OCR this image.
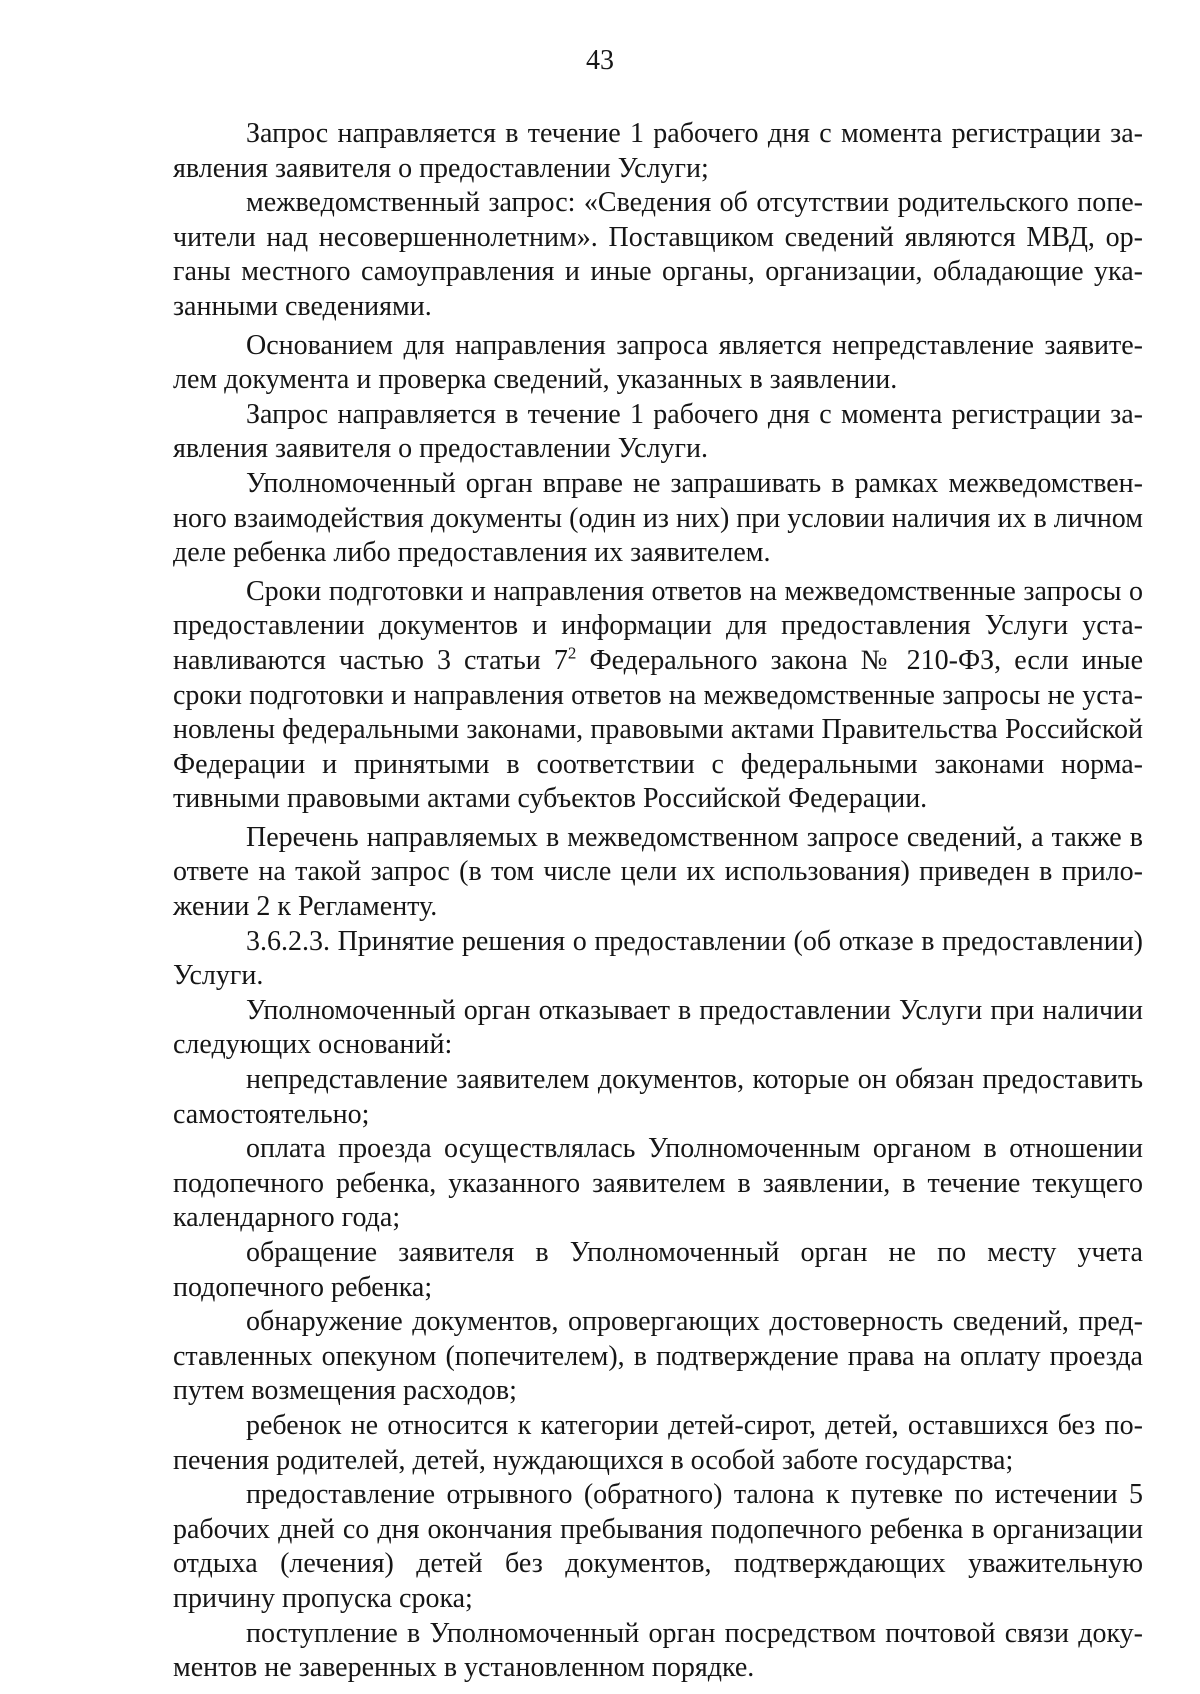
43

Запрос направляется в течение 1 рабочего дня с момента регистрации заявления заявителя о предоставлении Услуги;

межведомственный запрос: «Сведения об отсутствии родительского попечители над несовершеннолетним». Поставщиком сведений являются МВД, органы местного самоуправления и иные органы, организации, обладающие указанными сведениями.

Основанием для направления запроса является непредставление заявителем документа и проверка сведений, указанных в заявлении.

Запрос направляется в течение 1 рабочего дня с момента регистрации заявления заявителя о предоставлении Услуги.

Уполномоченный орган вправе не запрашивать в рамках межведомственного взаимодействия документы (один из них) при условии наличия их в личном деле ребенка либо предоставления их заявителем.

Сроки подготовки и направления ответов на межведомственные запросы о предоставлении документов и информации для предоставления Услуги устанавливаются частью 3 статьи $7^2$ Федерального закона № 210-ФЗ, если иные сроки подготовки и направления ответов на межведомственные запросы не установлены федеральными законами, правовыми актами Правительства Российской Федерации и принятыми в соответствии с федеральными законами нормативными правовыми актами субъектов Российской Федерации.

Перечень направляемых в межведомственном запросе сведений, а также в ответе на такой запрос (в том числе цели их использования) приведен в приложении 2 к Регламенту.

3.6.2.3. Принятие решения о предоставлении (об отказе в предоставлении) Услуги.

Уполномоченный орган отказывает в предоставлении Услуги при наличии следующих оснований:

непредставление заявителем документов, которые он обязан предоставить самостоятельно;

оплата проезда осуществлялась Уполномоченным органом в отношении подопечного ребенка, указанного заявителем в заявлении, в течение текущего календарного года;

обращение заявителя в Уполномоченный орган не по месту учета подопечного ребенка;

обнаружение документов, опровергающих достоверность сведений, представленных опекуном (попечителем), в подтверждение права на оплату проезда путем возмещения расходов;

ребенок не относится к категории детей-сирот, детей, оставшихся без попечения родителей, детей, нуждающихся в особой заботе государства;

предоставление отрывного (обратного) талона к путевке по истечении 5 рабочих дней со дня окончания пребывания подопечного ребенка в организации отдыха (лечения) детей без документов, подтверждающих уважительную причину пропуска срока;

поступление в Уполномоченный орган посредством почтовой связи документов не заверенных в установленном порядке.
